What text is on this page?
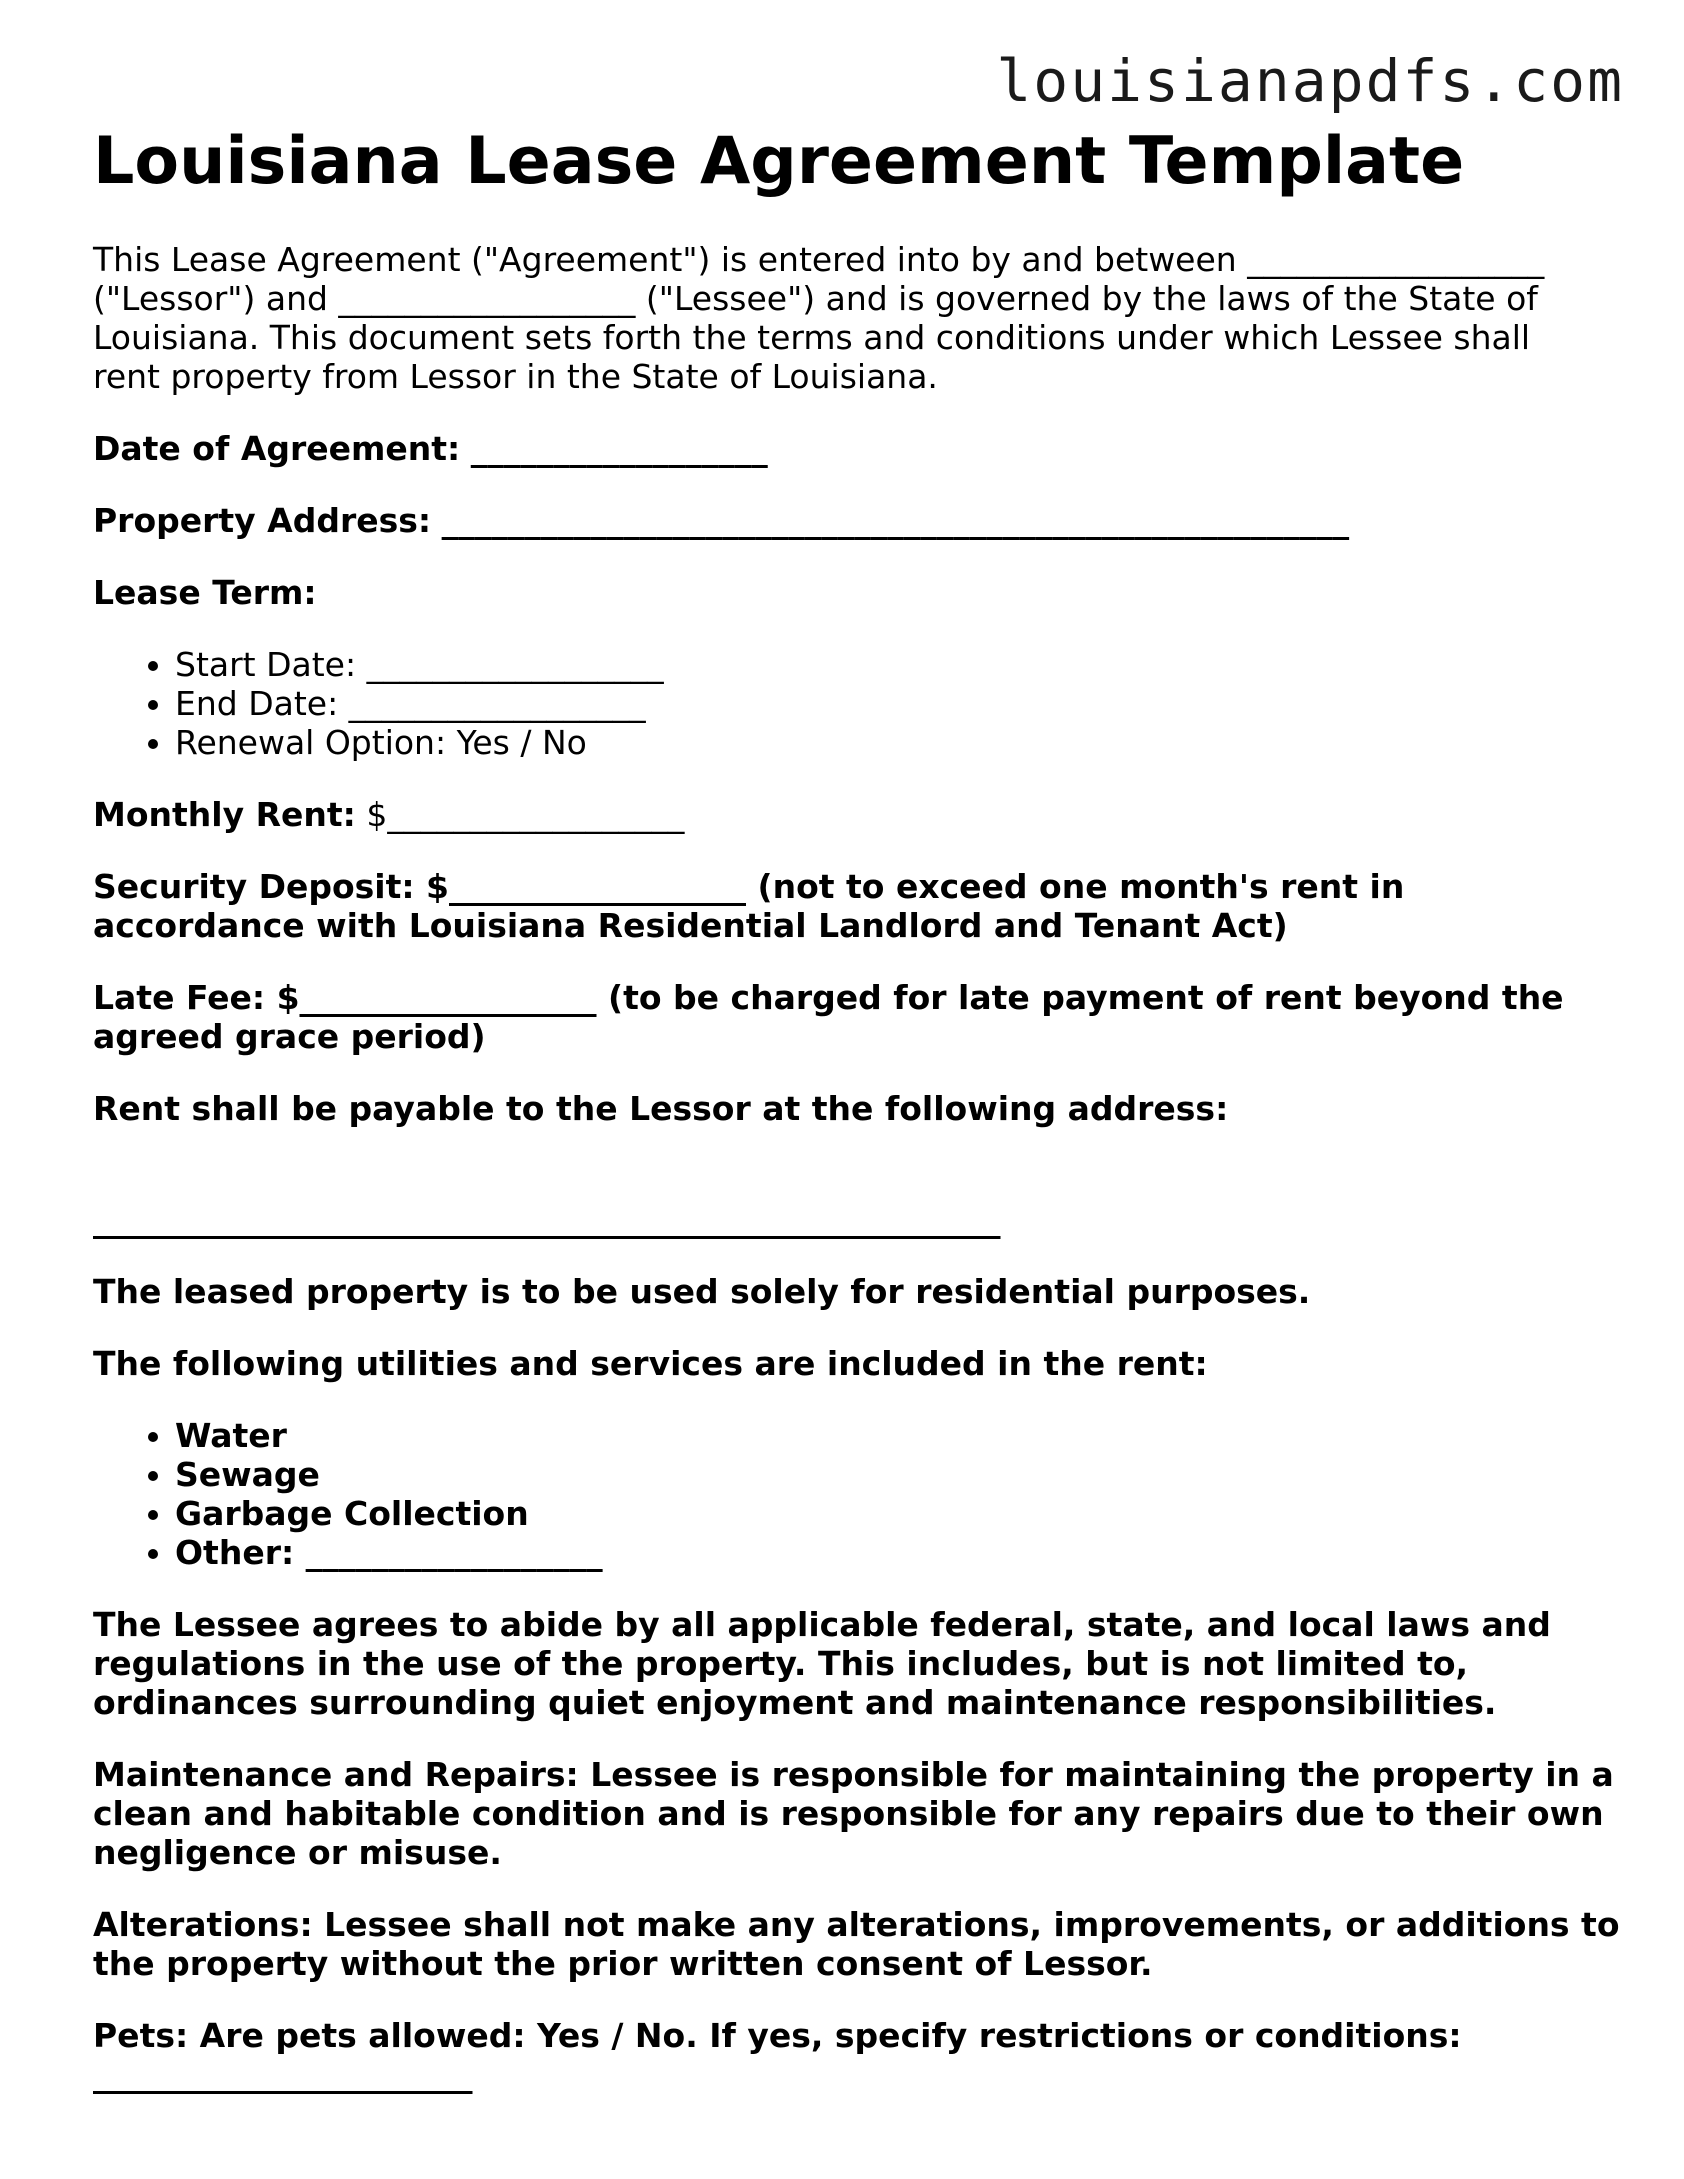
louisianapdfs.com
Louisiana Lease Agreement Template

This Lease Agreement ("Agreement") is entered into by and between __________________ ("Lessor") and __________________ ("Lessee") and is governed by the laws of the State of Louisiana. This document sets forth the terms and conditions under which Lessee shall rent property from Lessor in the State of Louisiana.

Date of Agreement: __________________

Property Address: _______________________________________________________

Lease Term:

• Start Date: __________________
• End Date: __________________
• Renewal Option: Yes / No

Monthly Rent: $__________________

Security Deposit: $__________________ (not to exceed one month's rent in accordance with Louisiana Residential Landlord and Tenant Act)

Late Fee: $__________________ (to be charged for late payment of rent beyond the agreed grace period)

Rent shall be payable to the Lessor at the following address:

_______________________________________________________

The leased property is to be used solely for residential purposes.

The following utilities and services are included in the rent:

• Water
• Sewage
• Garbage Collection
• Other: __________________

The Lessee agrees to abide by all applicable federal, state, and local laws and regulations in the use of the property. This includes, but is not limited to, ordinances surrounding quiet enjoyment and maintenance responsibilities.

Maintenance and Repairs: Lessee is responsible for maintaining the property in a clean and habitable condition and is responsible for any repairs due to their own negligence or misuse.

Alterations: Lessee shall not make any alterations, improvements, or additions to the property without the prior written consent of Lessor.

Pets: Are pets allowed: Yes / No. If yes, specify restrictions or conditions: _______________________
